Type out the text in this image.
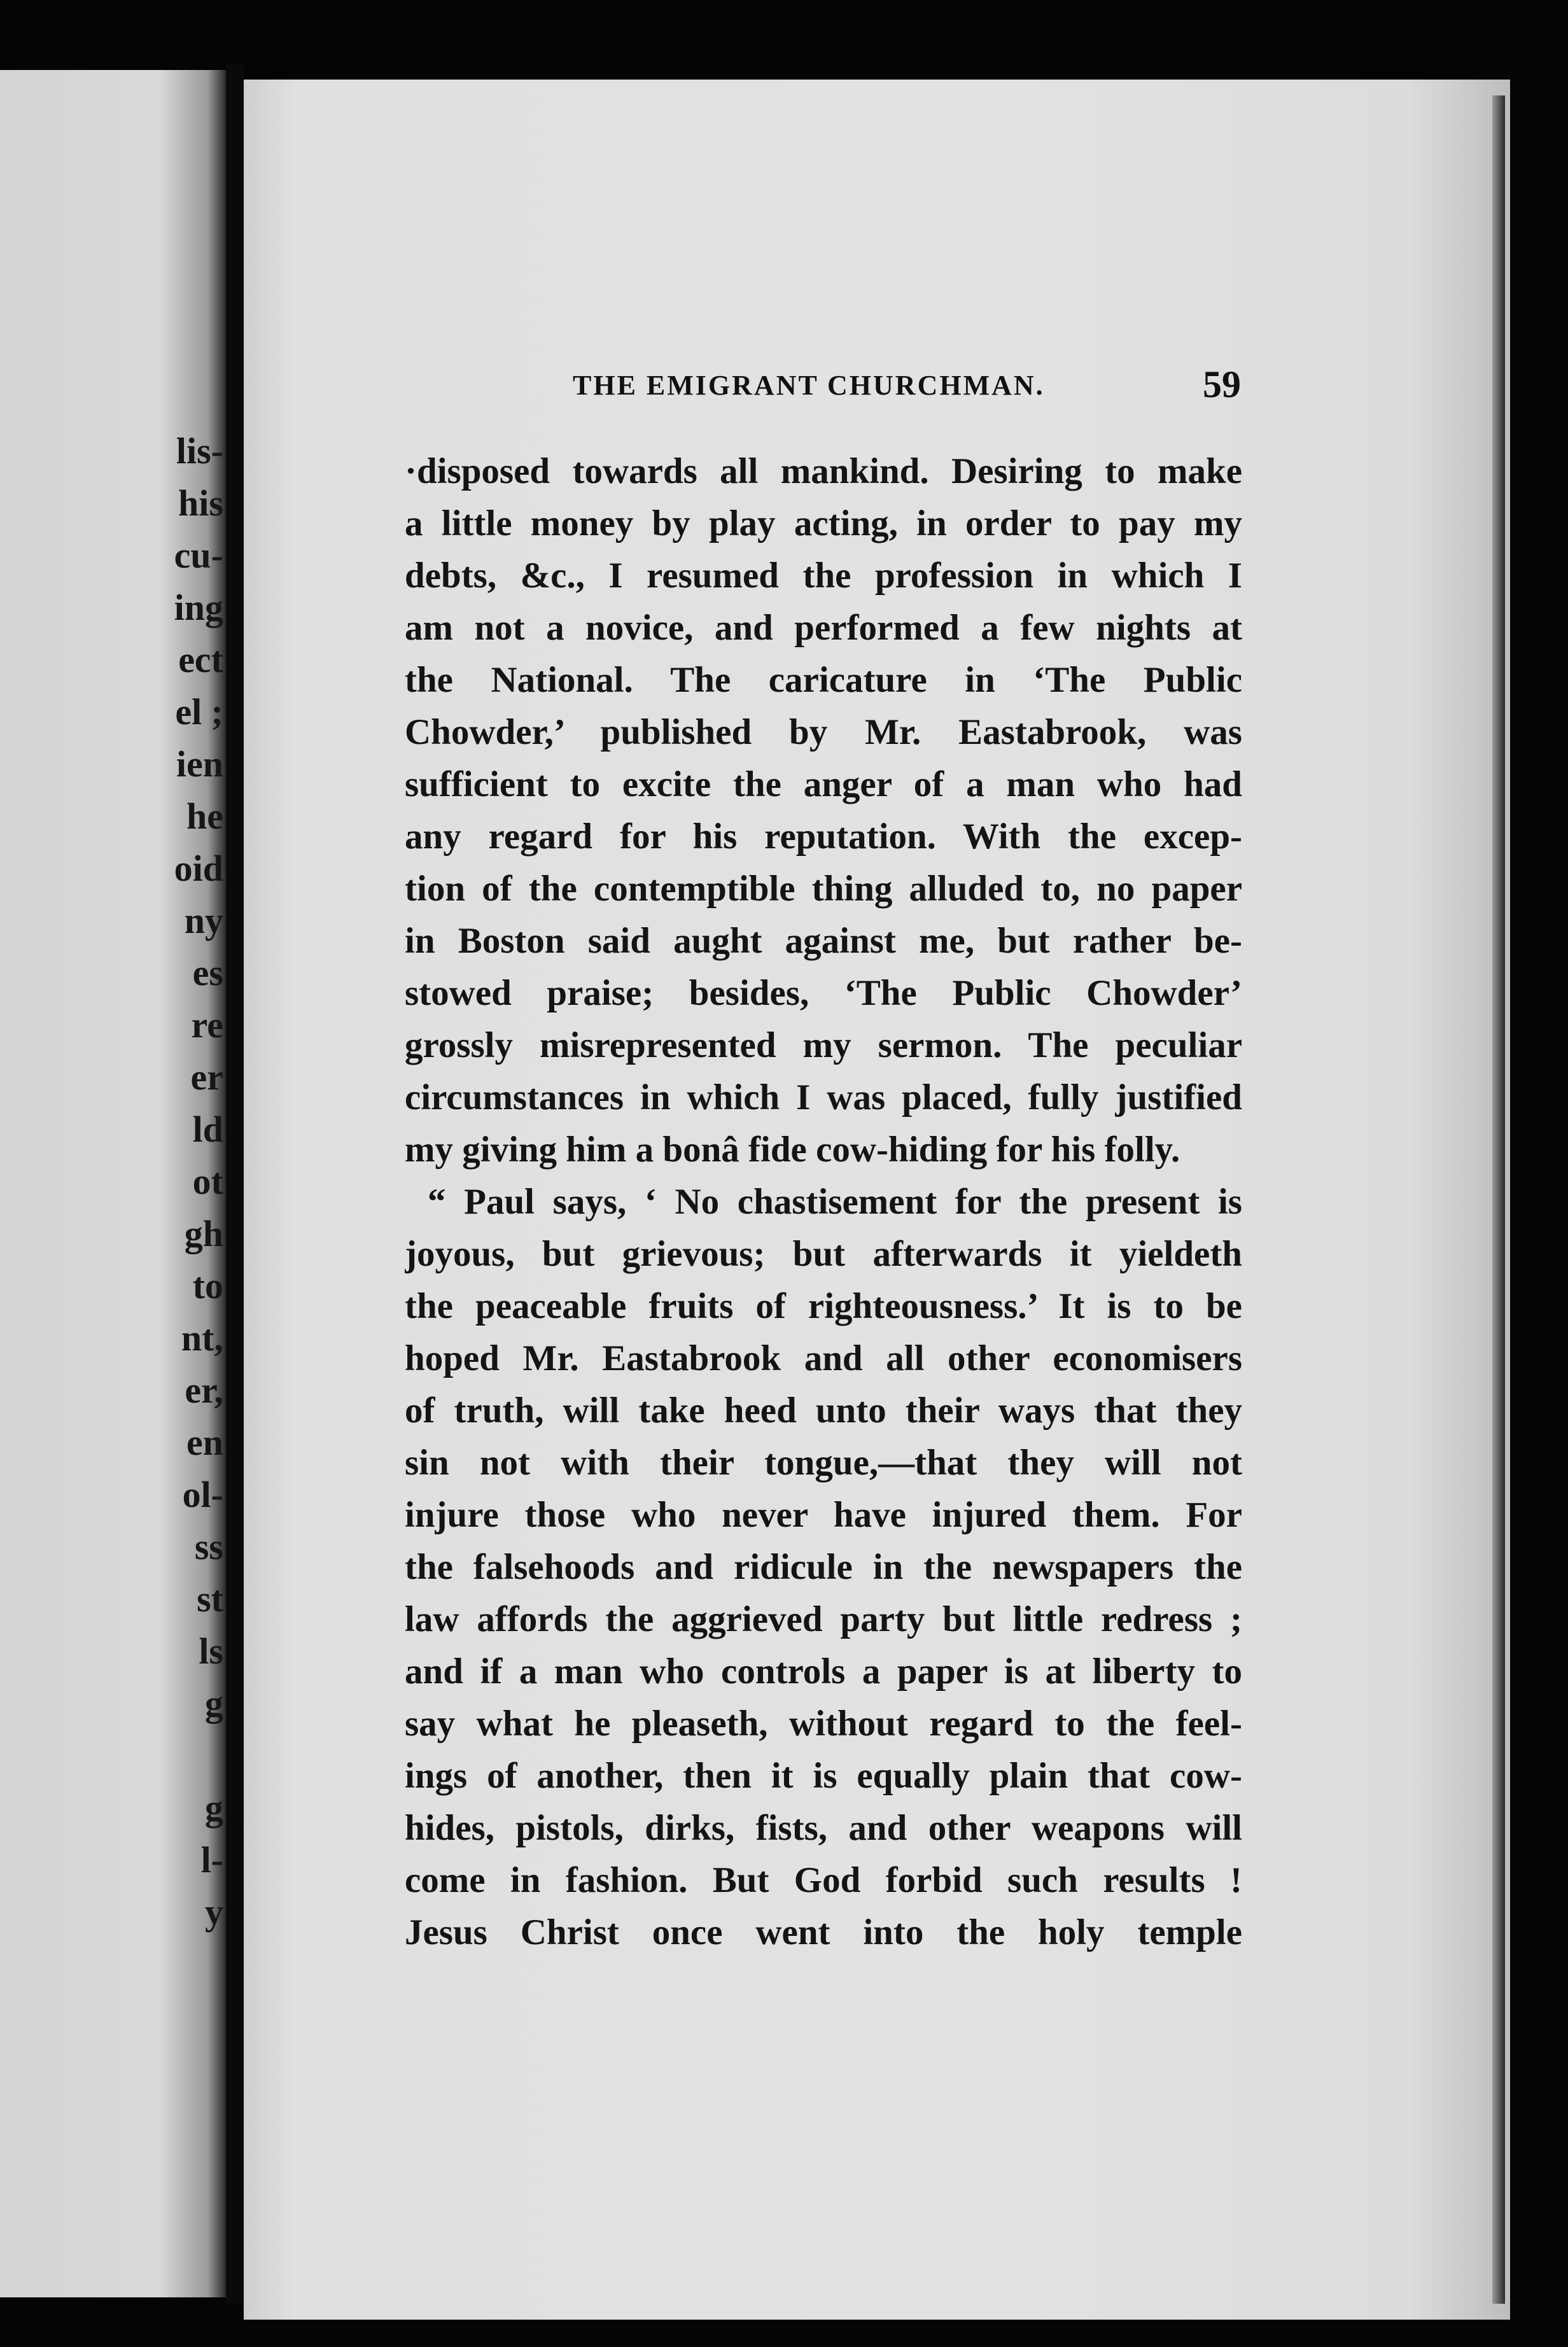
lis-
his
cu-
ing
ect
el ;
ien
he
oid
ny
es
re
er
ld
ot
gh
to
nt,
er,
en
ol-
ss
st
ls
g
g
l-
y
THE EMIGRANT CHURCHMAN.	59
·disposed towards all mankind. Desiring to make
a little money by play acting, in order to pay my
debts, &c., I resumed the profession in which I
am not a novice, and performed a few nights at
the National. The caricature in ‘The Public
Chowder,’ published by Mr. Eastabrook, was
sufficient to excite the anger of a man who had
any regard for his reputation. With the excep-
tion of the contemptible thing alluded to, no paper
in Boston said aught against me, but rather be-
stowed praise; besides, ‘The Public Chowder’
grossly misrepresented my sermon. The peculiar
circumstances in which I was placed, fully justified
my giving him a bonâ fide cow-hiding for his folly.
“ Paul says, ‘ No chastisement for the present is
joyous, but grievous; but afterwards it yieldeth
the peaceable fruits of righteousness.’ It is to be
hoped Mr. Eastabrook and all other economisers
of truth, will take heed unto their ways that they
sin not with their tongue,—that they will not
injure those who never have injured them. For
the falsehoods and ridicule in the newspapers the
law affords the aggrieved party but little redress ;
and if a man who controls a paper is at liberty to
say what he pleaseth, without regard to the feel-
ings of another, then it is equally plain that cow-
hides, pistols, dirks, fists, and other weapons will
come in fashion. But God forbid such results !
Jesus Christ once went into the holy temple
